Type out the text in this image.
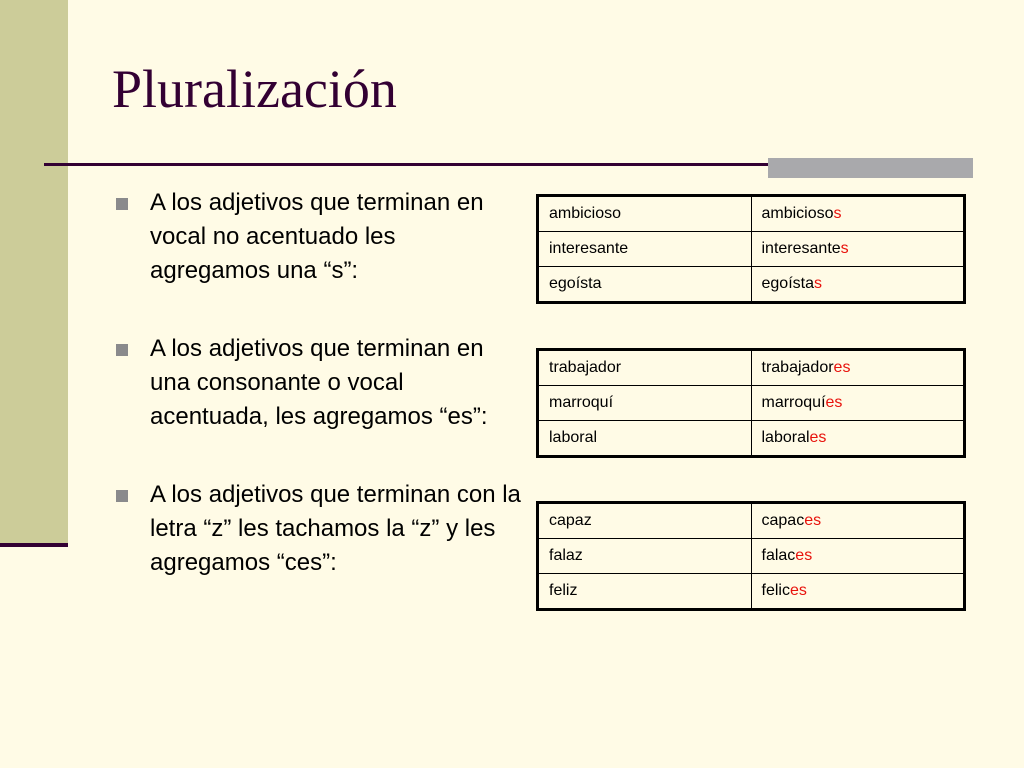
Pluralización
A los adjetivos que terminan en vocal no acentuado les agregamos una “s”:
A los adjetivos que terminan en una consonante o vocal acentuada, les agregamos “es”:
A los adjetivos que terminan con la letra “z” les tachamos la “z” y les agregamos “ces”:
ambicioso	ambiciosos
interesante	interesantes
egoísta	egoístas
trabajador	trabajadores
marroquí	marroquíes
laboral	laborales
capaz	capaces
falaz	falaces
feliz	felices
